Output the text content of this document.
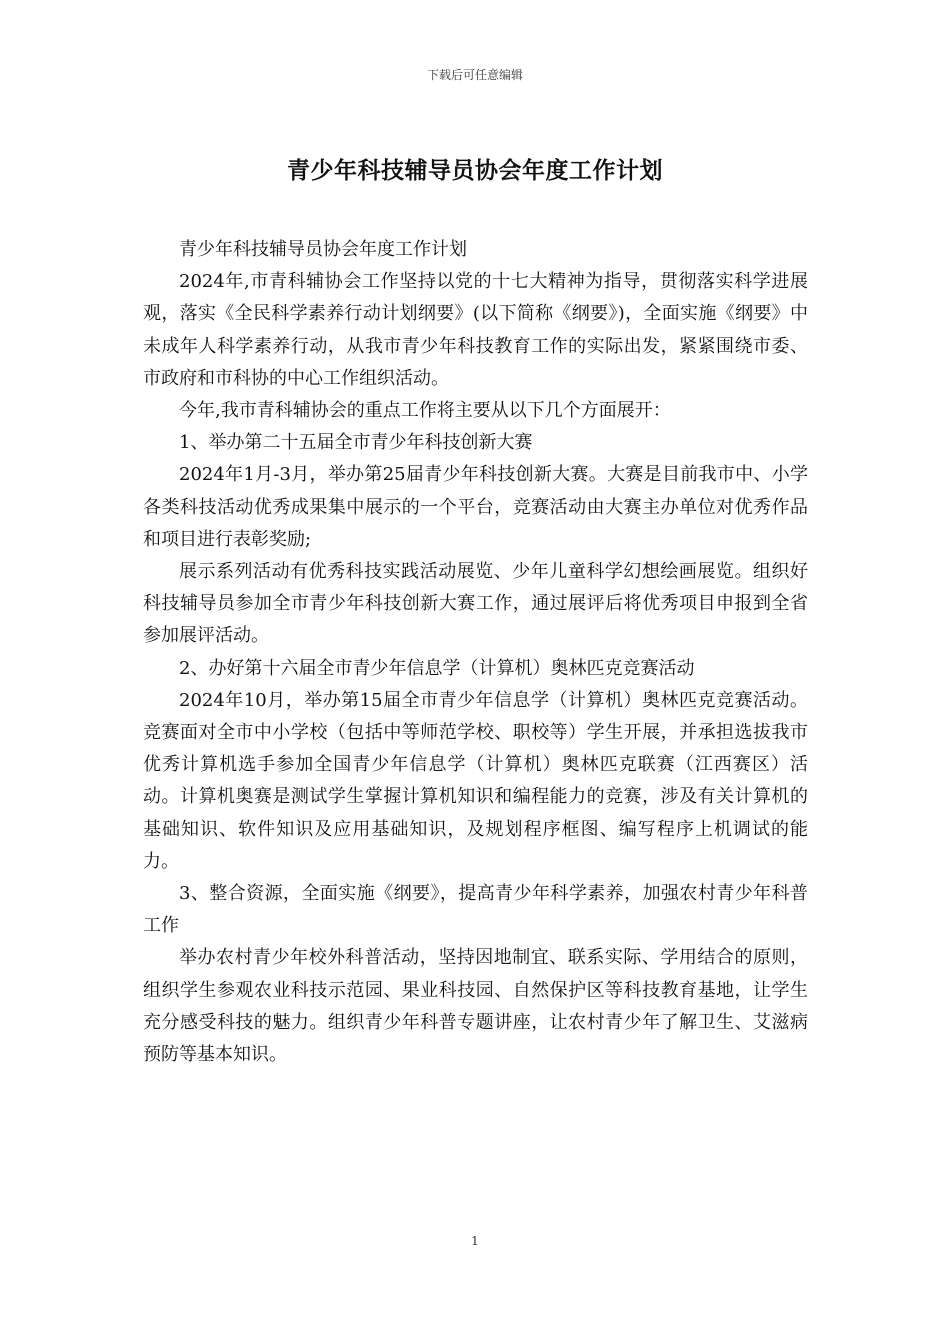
下载后可任意编辑
青少年科技辅导员协会年度工作计划

青少年科技辅导员协会年度工作计划

2024年,市青科辅协会工作坚持以党的十七大精神为指导，贯彻落实科学进展观，落实《全民科学素养行动计划纲要》(以下简称《纲要》)，全面实施《纲要》中未成年人科学素养行动，从我市青少年科技教育工作的实际出发，紧紧围绕市委、市政府和市科协的中心工作组织活动。

今年,我市青科辅协会的重点工作将主要从以下几个方面展开：

1、举办第二十五届全市青少年科技创新大赛

2024年1月-3月，举办第25届青少年科技创新大赛。大赛是目前我市中、小学各类科技活动优秀成果集中展示的一个平台，竞赛活动由大赛主办单位对优秀作品和项目进行表彰奖励;

展示系列活动有优秀科技实践活动展览、少年儿童科学幻想绘画展览。组织好科技辅导员参加全市青少年科技创新大赛工作，通过展评后将优秀项目申报到全省参加展评活动。

2、办好第十六届全市青少年信息学（计算机）奥林匹克竞赛活动

2024年10月，举办第15届全市青少年信息学（计算机）奥林匹克竞赛活动。竞赛面对全市中小学校（包括中等师范学校、职校等）学生开展，并承担选拔我市优秀计算机选手参加全国青少年信息学（计算机）奥林匹克联赛（江西赛区）活动。计算机奥赛是测试学生掌握计算机知识和编程能力的竞赛，涉及有关计算机的基础知识、软件知识及应用基础知识，及规划程序框图、编写程序上机调试的能力。

3、整合资源，全面实施《纲要》，提高青少年科学素养，加强农村青少年科普工作

举办农村青少年校外科普活动，坚持因地制宜、联系实际、学用结合的原则，组织学生参观农业科技示范园、果业科技园、自然保护区等科技教育基地，让学生充分感受科技的魅力。组织青少年科普专题讲座，让农村青少年了解卫生、艾滋病预防等基本知识。

1
